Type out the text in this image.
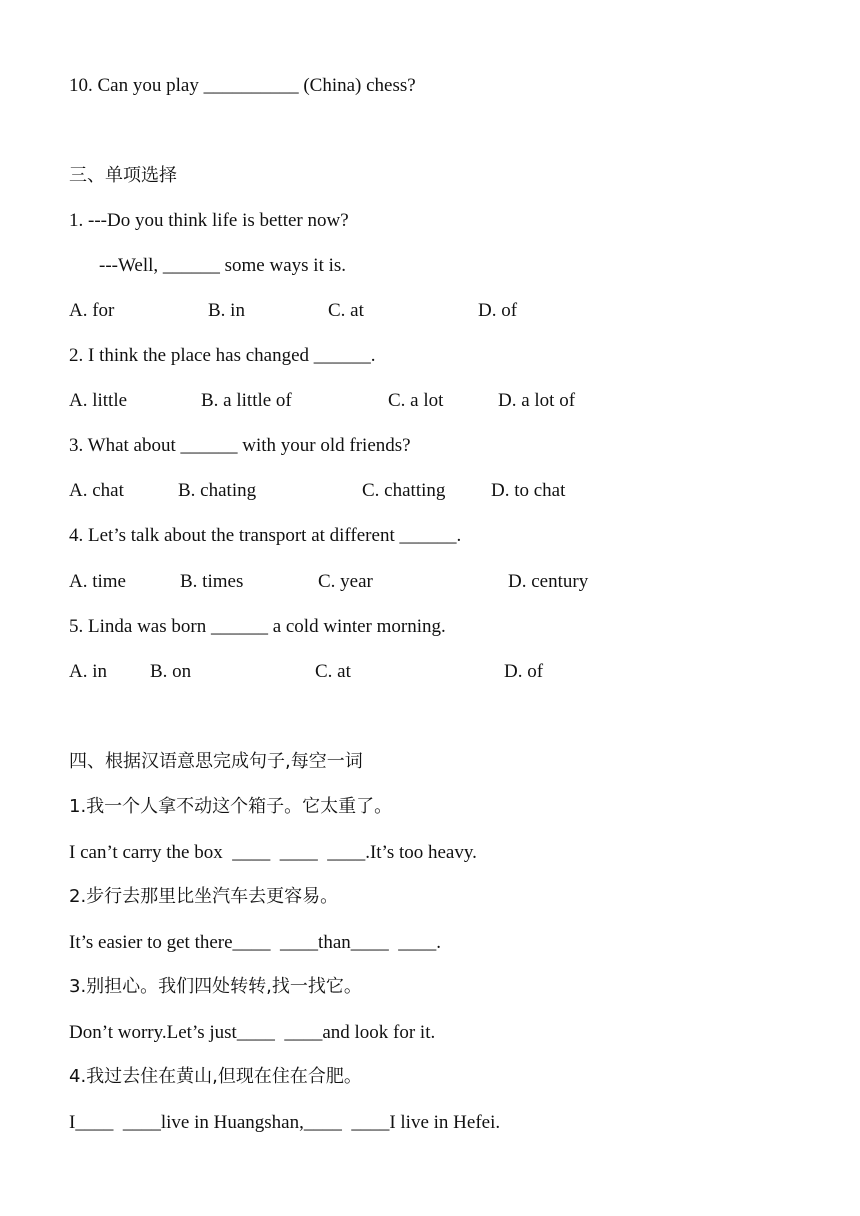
10. Can you play __________ (China) chess?
三、单项选择
1. ---Do you think life is better now?
---Well, ______ some ways it is.
A. for	B. in	C. at	D. of
2. I think the place has changed ______.
A. little	B. a little of	C. a lot	D. a lot of
3. What about ______ with your old friends?
A. chat	B. chating	C. chatting D. to chat
4. Let’s talk about the transport at different ______.
A. time	B. times	C. year	D. century
5. Linda was born ______ a cold winter morning.
A. in B. on	C. at	D. of
四、根据汉语意思完成句子,每空一词
1.我一个人拿不动这个箱子。它太重了。
I can’t carry the box  ____  ____  ____.It’s too heavy.
2.步行去那里比坐汽车去更容易。
It’s easier to get there____  ____than____  ____.
3.别担心。我们四处转转,找一找它。
Don’t worry.Let’s just____  ____and look for it.
4.我过去住在黄山,但现在住在合肥。
I____  ____live in Huangshan,____  ____I live in Hefei.
